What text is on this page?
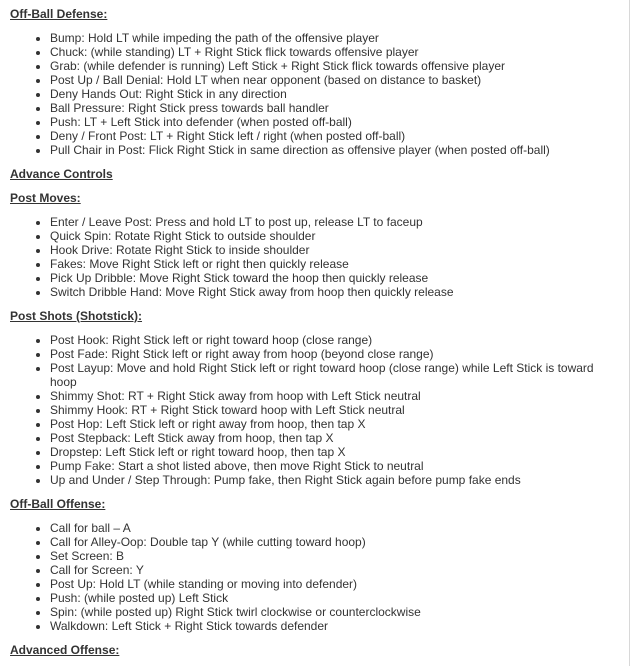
Off-Ball Defense:
• Bump: Hold LT while impeding the path of the offensive player
• Chuck: (while standing) LT + Right Stick flick towards offensive player
• Grab: (while defender is running) Left Stick + Right Stick flick towards offensive player
• Post Up / Ball Denial: Hold LT when near opponent (based on distance to basket)
• Deny Hands Out: Right Stick in any direction
• Ball Pressure: Right Stick press towards ball handler
• Push: LT + Left Stick into defender (when posted off-ball)
• Deny / Front Post: LT + Right Stick left / right (when posted off-ball)
• Pull Chair in Post: Flick Right Stick in same direction as offensive player (when posted off-ball)
Advance Controls
Post Moves:
• Enter / Leave Post: Press and hold LT to post up, release LT to faceup
• Quick Spin: Rotate Right Stick to outside shoulder
• Hook Drive: Rotate Right Stick to inside shoulder
• Fakes: Move Right Stick left or right then quickly release
• Pick Up Dribble: Move Right Stick toward the hoop then quickly release
• Switch Dribble Hand: Move Right Stick away from hoop then quickly release
Post Shots (Shotstick):
• Post Hook: Right Stick left or right toward hoop (close range)
• Post Fade: Right Stick left or right away from hoop (beyond close range)
• Post Layup: Move and hold Right Stick left or right toward hoop (close range) while Left Stick is toward hoop
• Shimmy Shot: RT + Right Stick away from hoop with Left Stick neutral
• Shimmy Hook: RT + Right Stick toward hoop with Left Stick neutral
• Post Hop: Left Stick left or right away from hoop, then tap X
• Post Stepback: Left Stick away from hoop, then tap X
• Dropstep: Left Stick left or right toward hoop, then tap X
• Pump Fake: Start a shot listed above, then move Right Stick to neutral
• Up and Under / Step Through: Pump fake, then Right Stick again before pump fake ends
Off-Ball Offense:
• Call for ball – A
• Call for Alley-Oop: Double tap Y (while cutting toward hoop)
• Set Screen: B
• Call for Screen: Y
• Post Up: Hold LT (while standing or moving into defender)
• Push: (while posted up) Left Stick
• Spin: (while posted up) Right Stick twirl clockwise or counterclockwise
• Walkdown: Left Stick + Right Stick towards defender
Advanced Offense:
